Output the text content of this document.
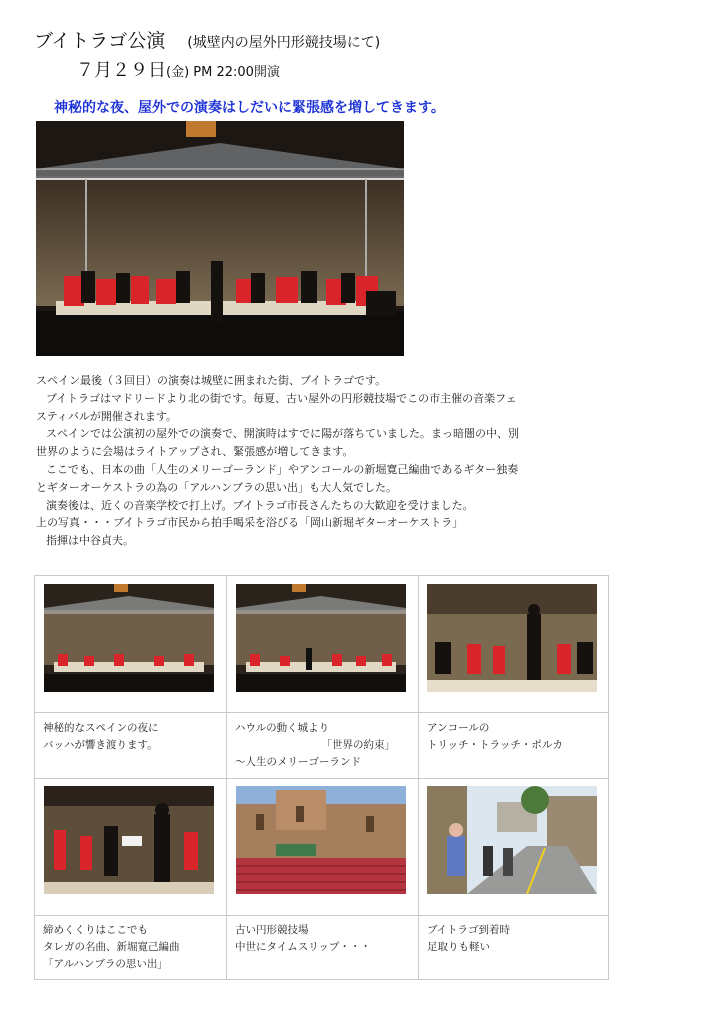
ブイトラゴ公演 (城壁内の屋外円形競技場にて)
７月２９日(金) PM 22:00開演
神秘的な夜、屋外での演奏はしだいに緊張感を増してきます。

スペイン最後（３回目）の演奏は城壁に囲まれた街、ブイトラゴです。

ブイトラゴはマドリードより北の街です。毎夏、古い屋外の円形競技場でこの市主催の音楽フェ

スティバルが開催されます。

スペインでは公演初の屋外での演奏で、開演時はすでに陽が落ちていました。まっ暗闇の中、別

世界のように会場はライトアップされ、緊張感が増してきます。

ここでも、日本の曲「人生のメリーゴーランド」やアンコールの新堀寛己編曲であるギター独奏

とギターオーケストラの為の「アルハンブラの思い出」も大人気でした。

演奏後は、近くの音楽学校で打上げ。ブイトラゴ市長さんたちの大歓迎を受けました。

上の写真・・・ブイトラゴ市民から拍手喝采を浴びる「岡山新堀ギターオーケストラ」

指揮は中谷貞夫。

神秘的なスペインの夜に
バッハが響き渡ります。
ハウルの動く城より
「世界の約束」
～人生のメリーゴーランド
アンコールの
トリッチ・トラッチ・ポルカ
締めくくりはここでも
タレガの名曲、新堀寛己編曲
「アルハンブラの思い出」
古い円形競技場
中世にタイムスリップ・・・
ブイトラゴ到着時
足取りも軽い
